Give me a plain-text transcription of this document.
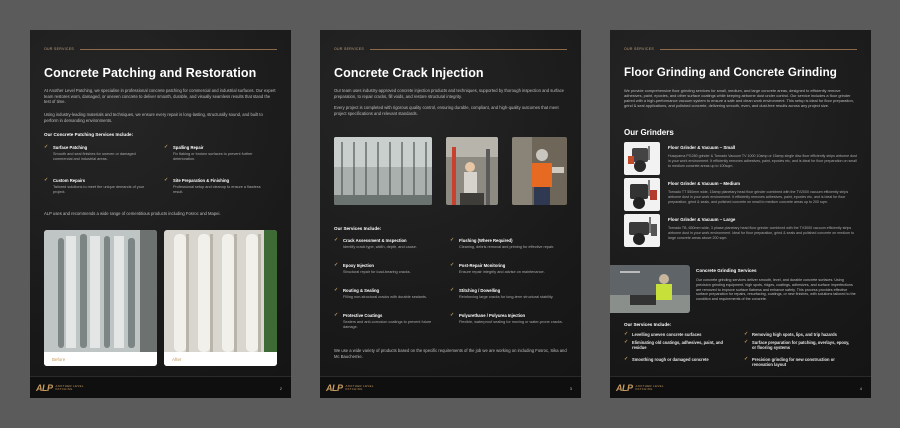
OUR SERVICES
Concrete Patching and Restoration
At Another Level Patching, we specialise in professional concrete patching for commercial and industrial surfaces. Our expert team restores worn, damaged, or uneven concrete to deliver smooth, durable, and visually seamless results that stand the test of time.
Using industry-leading materials and techniques, we ensure every repair is long-lasting, structurally sound, and built to perform in demanding environments.
Our Concrete Patching Services Include:
✓ Surface Patching
Smooth and seal finishes for uneven or damaged commercial and industrial areas.
✓ Spalling Repair
Fix flaking or broken surfaces to prevent further deterioration.
✓ Custom Repairs
Tailored solutions to meet the unique demands of your project.
✓ Site Preparation & Finishing
Professional setup and cleanup to ensure a flawless result.
ALP uses and recommends a wide range of cementitious products including Fosroc and Mapei.
Before	After
ALP ANOTHER LEVEL
PATCHING	2
OUR SERVICES
Concrete Crack Injection
Our team uses industry-approved concrete injection products and techniques, supported by thorough inspection and surface preparation, to repair cracks, fill voids, and restore structural integrity.
Every project is completed with rigorous quality control, ensuring durable, compliant, and high-quality outcomes that meet project specifications and relevant standards.
Our Services Include:
✓ Crack Assessment & Inspection
Identify crack type, width, depth, and cause.
✓ Flushing (Where Required)
Cleaning, debris removal and priming for effective repair.
✓ Epoxy Injection
Structural repair for load-bearing cracks.
✓ Post-Repair Monitoring
Ensure repair integrity and advise on maintenance.
✓ Routing & Sealing
Filling non-structural cracks with durable sealants.
✓ Stitching / Dowelling
Reinforcing large cracks for long-term structural stability.
✓ Protective Coatings
Sealers and anti-corrosion coatings to prevent future damage.
✓ Polyurethane / Polyurea Injection
Flexible, waterproof sealing for moving or water-prone cracks.
We use a wide variety of products based on the specific requirements of the job we are working on including Fosroc, Sika and Mc Bauchemie.
ALP ANOTHER LEVEL
PATCHING	3
OUR SERVICES
Floor Grinding and Concrete Grinding
We provide comprehensive floor grinding services for small, medium, and large concrete areas, designed to efficiently remove adhesives, paint, epoxies, and other surface coatings while keeping airborne dust under control. Our service includes a floor grinder paired with a high-performance vacuum system to ensure a safe and clean work environment. This setup is ideal for floor preparation, grind & seal applications, and polished concrete, delivering smooth, even, and dust-free results across any project size.
Our Grinders
Floor Grinder & Vacuum – Small
Husqvarna PG280 grinder & Tornado Vacuum TV 1000 10amp or 15amp single disc floor efficiently strips airborne dust in your work environment. It efficiently removes adhesives, paint, epoxies etc, and is ideal for floor preparation on small to medium concrete areas up to 100sqm.
Floor Grinder & Vacuum – Medium
Tornado TT 550mm wide, 15amp planetary head floor grinder combined with the TV2000 vacuum efficiently strips airborne dust in your work environment. It efficiently removes adhesives, paint, epoxies etc, and is ideal for floor preparation, grind & seals, and polished concrete on small to medium concrete areas up to 200 sqm.
Floor Grinder & Vacuum – Large
Tornado TB, 650mm wide, 3 phase planetary head floor grinder combined with the TV3000 vacuum efficiently strips airborne dust in your work environment. Ideal for floor preparation, grind & seals and polished concrete on medium to large concrete areas above 200 sqm.
Concrete Grinding Services
Our concrete grinding services deliver smooth, level, and durable concrete surfaces. Using precision grinding equipment, high spots, ridges, coatings, adhesives, and surface imperfections are removed to improve surface flatness and enhance safety. This process provides effective surface preparation for repairs, resurfacing, coatings, or new finishes, with solutions tailored to the condition and requirements of the concrete.
Our Services Include:
✓ Levelling uneven concrete surfaces	✓ Removing high spots, lips, and trip hazards
✓ Eliminating old coatings, adhesives, paint, and residue
✓ Surface preparation for patching, overlays, epoxy, or flooring systems
✓ Smoothing rough or damaged concrete	✓ Precision grinding for new construction or renovation layout
ALP ANOTHER LEVEL
PATCHING	4
